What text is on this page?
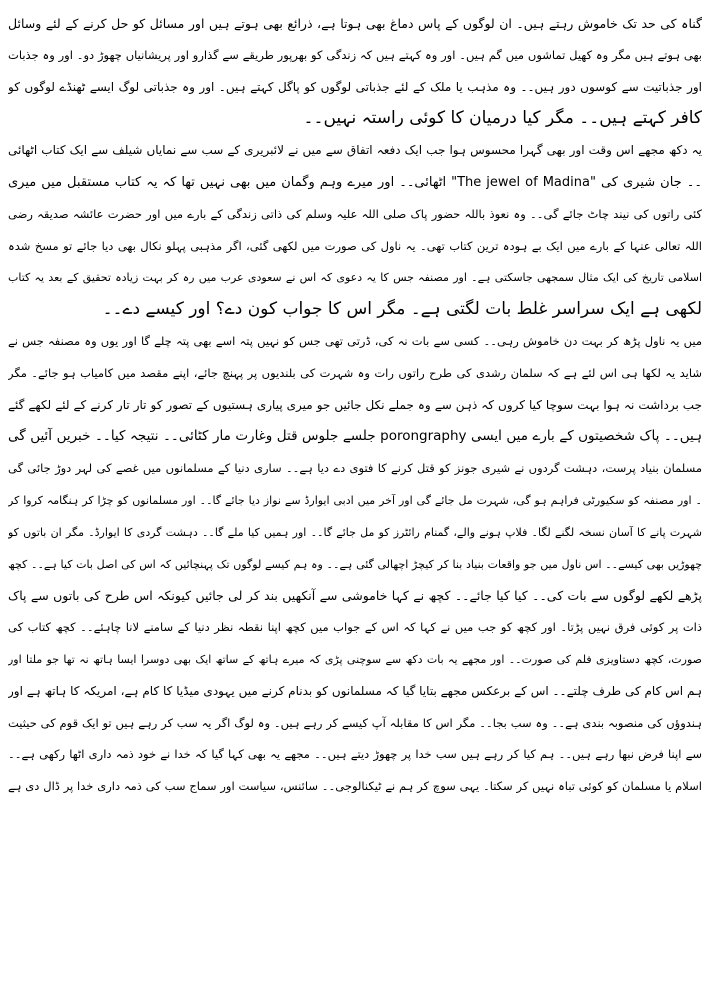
گناہ کی حد تک خاموش رہتے ہیں۔ ان لوگوں کے پاس دماغ بھی ہوتا ہے، ذرائع بھی ہوتے ہیں اور مسائل کو حل کرنے کے لئے وسائل
بھی ہوتے ہیں مگر وہ کھیل تماشوں میں گم ہیں۔ اور وہ کہتے ہیں کہ زندگی کو بھرپور طریقے سے گذارو اور پریشانیاں چھوڑ دو۔ اور وہ جذبات
اور جذباتیت سے کوسوں دور ہیں۔۔ وہ مذہب یا ملک کے لئے جذباتی لوگوں کو پاگل کہتے ہیں۔ اور وہ جذباتی لوگ ایسے ٹھنڈے لوگوں کو
کافر کہتے ہیں۔۔ مگر کیا درمیان کا کوئی راستہ نہیں۔۔
یہ دکھ مجھے اس وقت اور بھی گہرا محسوس ہوا جب ایک دفعہ اتفاق سے میں نے لائبریری کے سب سے نمایاں شیلف سے ایک کتاب اٹھائی
۔۔ جان شیری کی "The jewel of Madina" اٹھائی۔۔ اور میرے وہم وگمان میں بھی نہیں تھا کہ یہ کتاب مستقبل میں میری
کئی راتوں کی نیند چاٹ جائے گی۔۔ وہ نعوذ باللہ حضور پاک صلی اللہ علیہ وسلم کی ذاتی زندگی کے بارے میں اور حضرت عائشہ صدیقہ رضی
اللہ تعالی عنہا کے بارے میں ایک بے ہودہ ترین کتاب تھی۔ یہ ناول کی صورت میں لکھی گئی، اگر مذہبی پہلو نکال بھی دیا جائے تو مسخ شدہ
اسلامی تاریخ کی ایک مثال سمجھی جاسکتی ہے۔ اور مصنفہ جس کا یہ دعوی کہ اس نے سعودی عرب میں رہ کر بہت زیادہ تحقیق کے بعد یہ کتاب
لکھی ہے ایک سراسر غلط بات لگتی ہے۔ مگر اس کا جواب کون دے؟ اور کیسے دے۔۔
میں یہ ناول پڑھ کر بہت دن خاموش رہی۔۔ کسی سے بات نہ کی، ڈرتی تھی جس کو نہیں پتہ اسے بھی پتہ چلے گا اور یوں وہ مصنفہ جس نے
شاید یہ لکھا ہی اس لئے ہے کہ سلمان رشدی کی طرح راتوں رات وہ شہرت کی بلندیوں پر پہنچ جائے، اپنے مقصد میں کامیاب ہو جائے۔ مگر
جب برداشت نہ ہوا بہت سوچا کیا کروں کہ ذہن سے وہ جملے نکل جائیں جو میری پیاری ہستیوں کے تصور کو تار تار کرنے کے لئے لکھے گئے
ہیں۔۔ پاک شخصیتوں کے بارے میں ایسی porongraphy جلسے جلوس قتل وغارت مار کٹائی۔۔ نتیجہ کیا۔۔ خبریں آئیں گی
مسلمان بنیاد پرست، دہشت گردوں نے شیری جونز کو قتل کرنے کا فتوی دے دیا ہے۔۔ ساری دنیا کے مسلمانوں میں غصے کی لہر دوڑ جائی گی
۔ اور مصنفہ کو سکیورٹی فراہم ہو گی، شہرت مل جائے گی اور آخر میں ادبی ایوارڈ سے نواز دیا جائے گا۔۔ اور مسلمانوں کو چڑا کر ہنگامہ کروا کر
شہرت پانے کا آسان نسخہ لگنے لگا۔ فلاپ ہونے والے، گمنام رائٹرز کو مل جائے گا۔۔ اور ہمیں کیا ملے گا۔۔ دہشت گردی کا ایوارڈ۔ مگر ان باتوں کو
چھوڑیں بھی کیسے۔۔ اس ناول میں جو واقعات بنیاد بنا کر کیچڑ اچھالی گئی ہے۔۔ وہ ہم کیسے لوگوں تک پہنچائیں کہ اس کی اصل بات کیا ہے۔۔ کچھ
پڑھے لکھے لوگوں سے بات کی۔۔ کیا کیا جائے۔۔ کچھ نے کہا خاموشی سے آنکھیں بند کر لی جائیں کیونکہ اس طرح کی باتوں سے پاک
ذات پر کوئی فرق نہیں پڑتا۔ اور کچھ کو جب میں نے کہا کہ اس کے جواب میں کچھ اپنا نقطہ نظر دنیا کے سامنے لانا چاہئے۔۔ کچھ کتاب کی
صورت، کچھ دستاویزی فلم کی صورت۔۔ اور مجھے یہ بات دکھ سے سوچنی پڑی کہ میرے ہاتھ کے ساتھ ایک بھی دوسرا ایسا ہاتھ نہ تھا جو ملتا اور
ہم اس کام کی طرف چلتے۔۔ اس کے برعکس مجھے بتایا گیا کہ مسلمانوں کو بدنام کرنے میں یہودی میڈیا کا کام ہے، امریکہ کا ہاتھ ہے اور
ہندوؤں کی منصوبہ بندی ہے۔۔ وہ سب بجا۔۔ مگر اس کا مقابلہ آپ کیسے کر رہے ہیں۔ وہ لوگ اگر یہ سب کر رہے ہیں تو ایک قوم کی حیثیت
سے اپنا فرض نبھا رہے ہیں۔۔ ہم کیا کر رہے ہیں سب خدا پر چھوڑ دیتے ہیں۔۔ مجھے یہ بھی کہا گیا کہ خدا نے خود ذمہ داری اٹھا رکھی ہے۔۔
اسلام یا مسلمان کو کوئی تباہ نہیں کر سکتا۔ یہی سوچ کر ہم نے ٹیکنالوجی۔۔ سائنس، سیاست اور سماج سب کی ذمہ داری خدا پر ڈال دی ہے
